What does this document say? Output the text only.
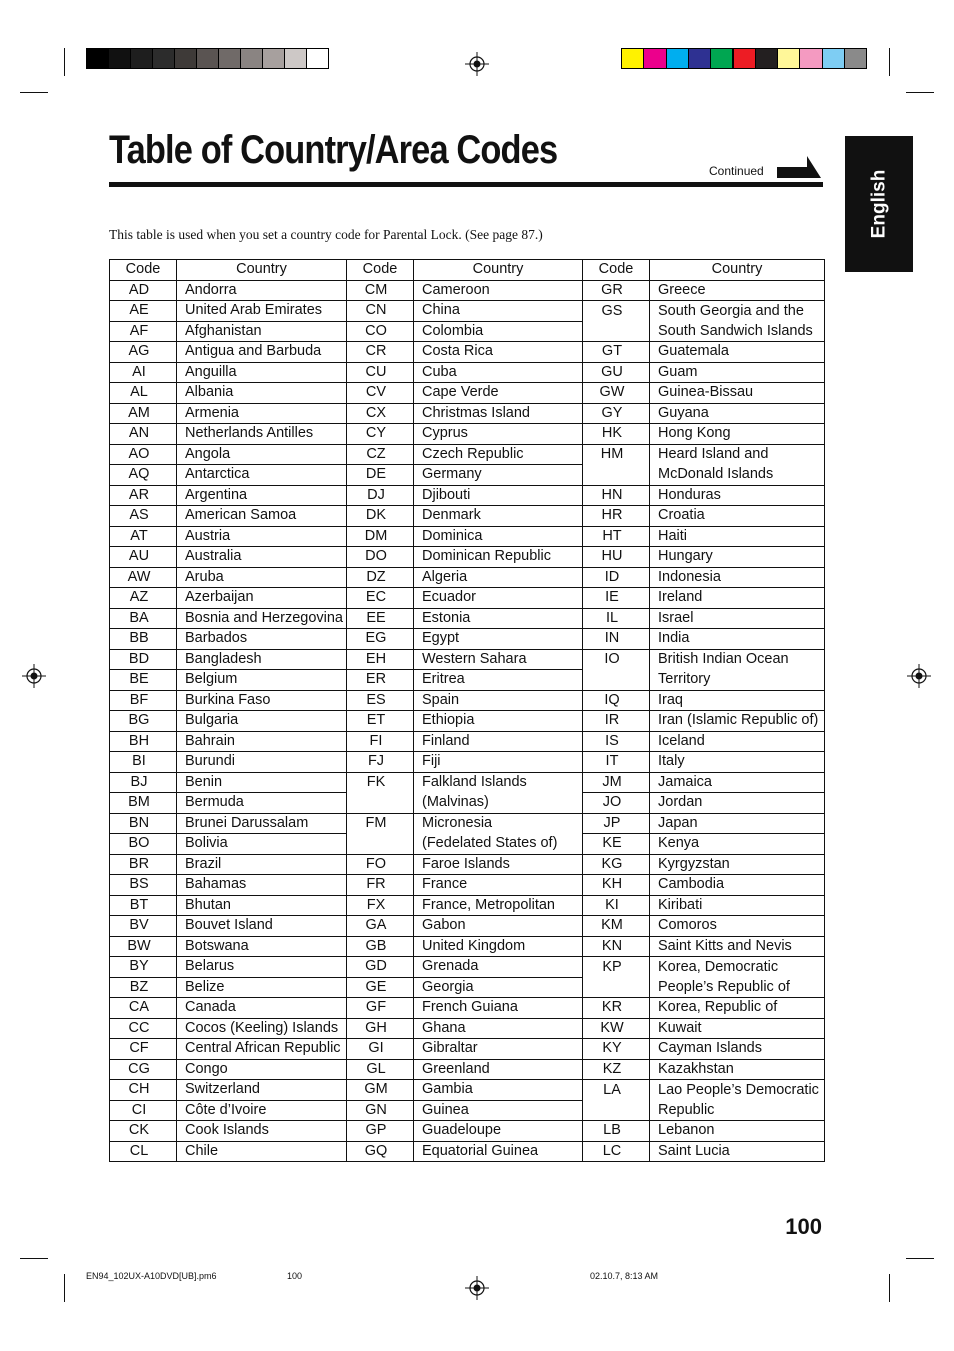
Table of Country/Area Codes	Continued	English
This table is used when you set a country code for Parental Lock. (See page 87.)
Code	Country	Code	Country	Code	Country
AD	Andorra	CM	Cameroon	GR	Greece
AE	United Arab Emirates	CN	China	GS	South Georgia and the
AF	Afghanistan	CO	Colombia		South Sandwich Islands
AG	Antigua and Barbuda	CR	Costa Rica	GT	Guatemala
AI	Anguilla	CU	Cuba	GU	Guam
AL	Albania	CV	Cape Verde	GW	Guinea-Bissau
AM	Armenia	CX	Christmas Island	GY	Guyana
AN	Netherlands Antilles	CY	Cyprus	HK	Hong Kong
AO	Angola	CZ	Czech Republic	HM	Heard Island and
AQ	Antarctica	DE	Germany		McDonald Islands
AR	Argentina	DJ	Djibouti	HN	Honduras
AS	American Samoa	DK	Denmark	HR	Croatia
AT	Austria	DM	Dominica	HT	Haiti
AU	Australia	DO	Dominican Republic	HU	Hungary
AW	Aruba	DZ	Algeria	ID	Indonesia
AZ	Azerbaijan	EC	Ecuador	IE	Ireland
BA	Bosnia and Herzegovina	EE	Estonia	IL	Israel
BB	Barbados	EG	Egypt	IN	India
BD	Bangladesh	EH	Western Sahara	IO	British Indian Ocean
BE	Belgium	ER	Eritrea		Territory
BF	Burkina Faso	ES	Spain	IQ	Iraq
BG	Bulgaria	ET	Ethiopia	IR	Iran (Islamic Republic of)
BH	Bahrain	FI	Finland	IS	Iceland
BI	Burundi	FJ	Fiji	IT	Italy
BJ	Benin	FK	Falkland Islands	JM	Jamaica
BM	Bermuda		(Malvinas)	JO	Jordan
BN	Brunei Darussalam	FM	Micronesia	JP	Japan
BO	Bolivia		(Fedelated States of)	KE	Kenya
BR	Brazil	FO	Faroe Islands	KG	Kyrgyzstan
BS	Bahamas	FR	France	KH	Cambodia
BT	Bhutan	FX	France, Metropolitan	KI	Kiribati
BV	Bouvet Island	GA	Gabon	KM	Comoros
BW	Botswana	GB	United Kingdom	KN	Saint Kitts and Nevis
BY	Belarus	GD	Grenada	KP	Korea, Democratic
BZ	Belize	GE	Georgia		People’s Republic of
CA	Canada	GF	French Guiana	KR	Korea, Republic of
CC	Cocos (Keeling) Islands	GH	Ghana	KW	Kuwait
CF	Central African Republic	GI	Gibraltar	KY	Cayman Islands
CG	Congo	GL	Greenland	KZ	Kazakhstan
CH	Switzerland	GM	Gambia	LA	Lao People’s Democratic
CI	Côte d’Ivoire	GN	Guinea		Republic
CK	Cook Islands	GP	Guadeloupe	LB	Lebanon
CL	Chile	GQ	Equatorial Guinea	LC	Saint Lucia
100
EN94_102UX-A10DVD[UB].pm6	100	02.10.7, 8:13 AM
